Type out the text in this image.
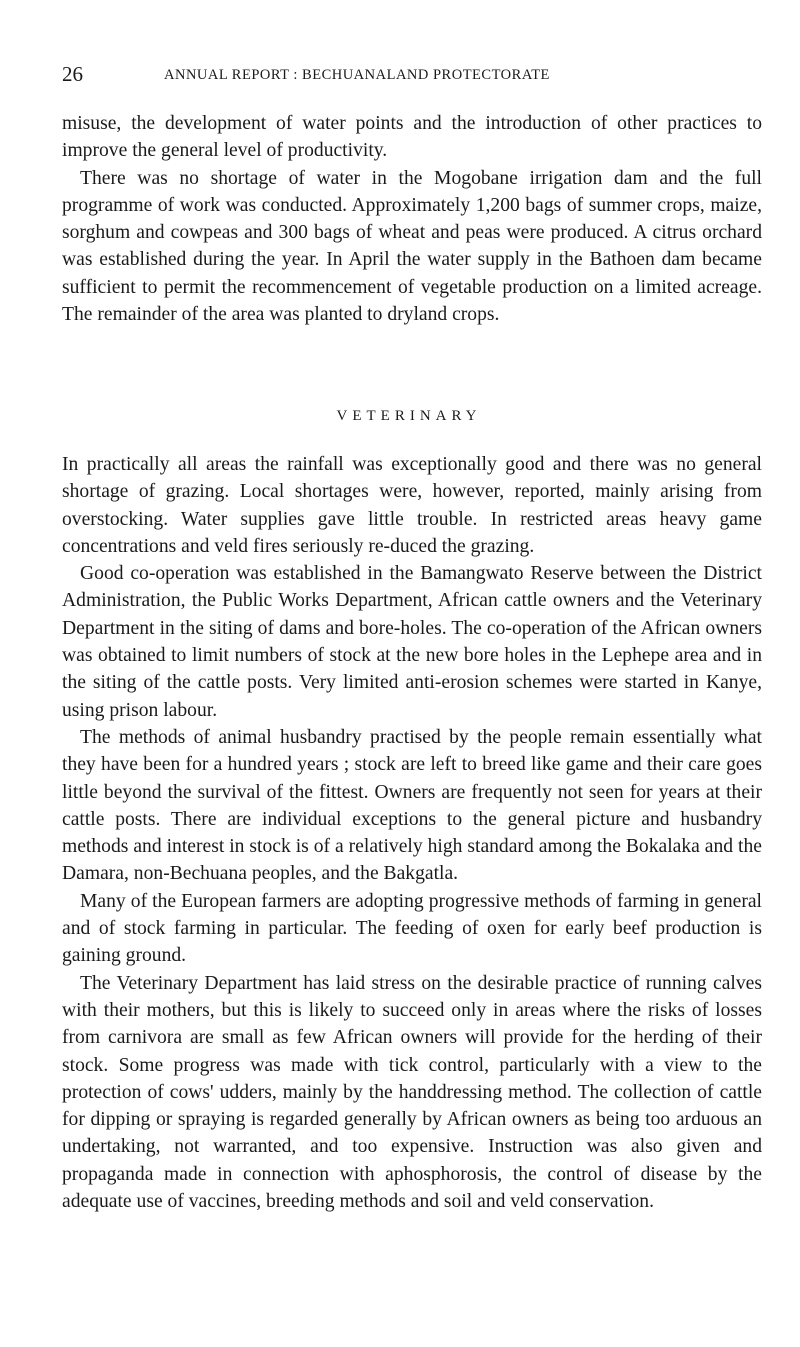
26	ANNUAL REPORT : BECHUANALAND PROTECTORATE

misuse, the development of water points and the introduction of other practices to improve the general level of productivity.

There was no shortage of water in the Mogobane irrigation dam and the full programme of work was conducted. Approximately 1,200 bags of summer crops, maize, sorghum and cowpeas and 300 bags of wheat and peas were produced. A citrus orchard was established during the year. In April the water supply in the Bathoen dam became sufficient to permit the recommencement of vegetable production on a limited acreage. The remainder of the area was planted to dryland crops.

VETERINARY

In practically all areas the rainfall was exceptionally good and there was no general shortage of grazing. Local shortages were, however, reported, mainly arising from overstocking. Water supplies gave little trouble. In restricted areas heavy game concentrations and veld fires seriously re-duced the grazing.

Good co-operation was established in the Bamangwato Reserve between the District Administration, the Public Works Department, African cattle owners and the Veterinary Department in the siting of dams and bore-holes. The co-operation of the African owners was obtained to limit numbers of stock at the new bore holes in the Lephepe area and in the siting of the cattle posts. Very limited anti-erosion schemes were started in Kanye, using prison labour.

The methods of animal husbandry practised by the people remain essentially what they have been for a hundred years ; stock are left to breed like game and their care goes little beyond the survival of the fittest. Owners are frequently not seen for years at their cattle posts. There are individual exceptions to the general picture and husbandry methods and interest in stock is of a relatively high standard among the Bokalaka and the Damara, non-Bechuana peoples, and the Bakgatla.

Many of the European farmers are adopting progressive methods of farming in general and of stock farming in particular. The feeding of oxen for early beef production is gaining ground.

The Veterinary Department has laid stress on the desirable practice of running calves with their mothers, but this is likely to succeed only in areas where the risks of losses from carnivora are small as few African owners will provide for the herding of their stock. Some progress was made with tick control, particularly with a view to the protection of cows' udders, mainly by the handdressing method. The collection of cattle for dipping or spraying is regarded generally by African owners as being too arduous an undertaking, not warranted, and too expensive. Instruction was also given and propaganda made in connection with aphosphorosis, the control of disease by the adequate use of vaccines, breeding methods and soil and veld conservation.
